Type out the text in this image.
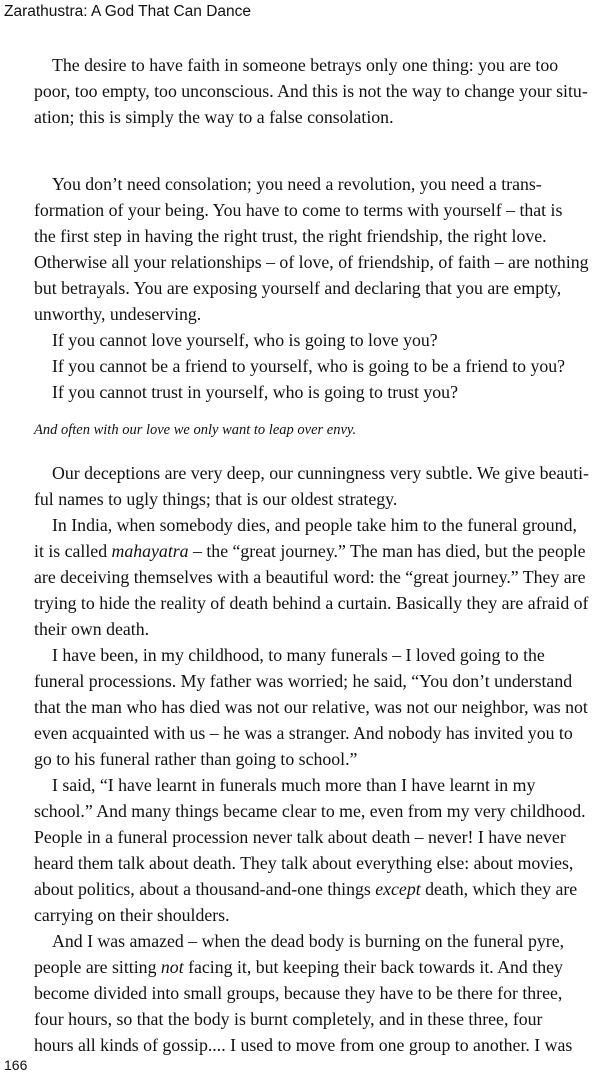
Zarathustra: A God That Can Dance
The desire to have faith in someone betrays only one thing: you are too
poor, too empty, too unconscious. And this is not the way to change your situ-
ation; this is simply the way to a false consolation.
You don’t need consolation; you need a revolution, you need a trans-
formation of your being. You have to come to terms with yourself – that is
the first step in having the right trust, the right friendship, the right love.
Otherwise all your relationships – of love, of friendship, of faith – are nothing
but betrayals. You are exposing yourself and declaring that you are empty,
unworthy, undeserving.
If you cannot love yourself, who is going to love you?
If you cannot be a friend to yourself, who is going to be a friend to you?
If you cannot trust in yourself, who is going to trust you?
And often with our love we only want to leap over envy.
Our deceptions are very deep, our cunningness very subtle. We give beauti-
ful names to ugly things; that is our oldest strategy.
In India, when somebody dies, and people take him to the funeral ground,
it is called mahayatra – the “great journey.” The man has died, but the people
are deceiving themselves with a beautiful word: the “great journey.” They are
trying to hide the reality of death behind a curtain. Basically they are afraid of
their own death.
I have been, in my childhood, to many funerals – I loved going to the
funeral processions. My father was worried; he said, “You don’t understand
that the man who has died was not our relative, was not our neighbor, was not
even acquainted with us – he was a stranger. And nobody has invited you to
go to his funeral rather than going to school.”
I said, “I have learnt in funerals much more than I have learnt in my
school.” And many things became clear to me, even from my very childhood.
People in a funeral procession never talk about death – never! I have never
heard them talk about death. They talk about everything else: about movies,
about politics, about a thousand-and-one things except death, which they are
carrying on their shoulders.
And I was amazed – when the dead body is burning on the funeral pyre,
people are sitting not facing it, but keeping their back towards it. And they
become divided into small groups, because they have to be there for three,
four hours, so that the body is burnt completely, and in these three, four
hours all kinds of gossip.... I used to move from one group to another. I was
166
